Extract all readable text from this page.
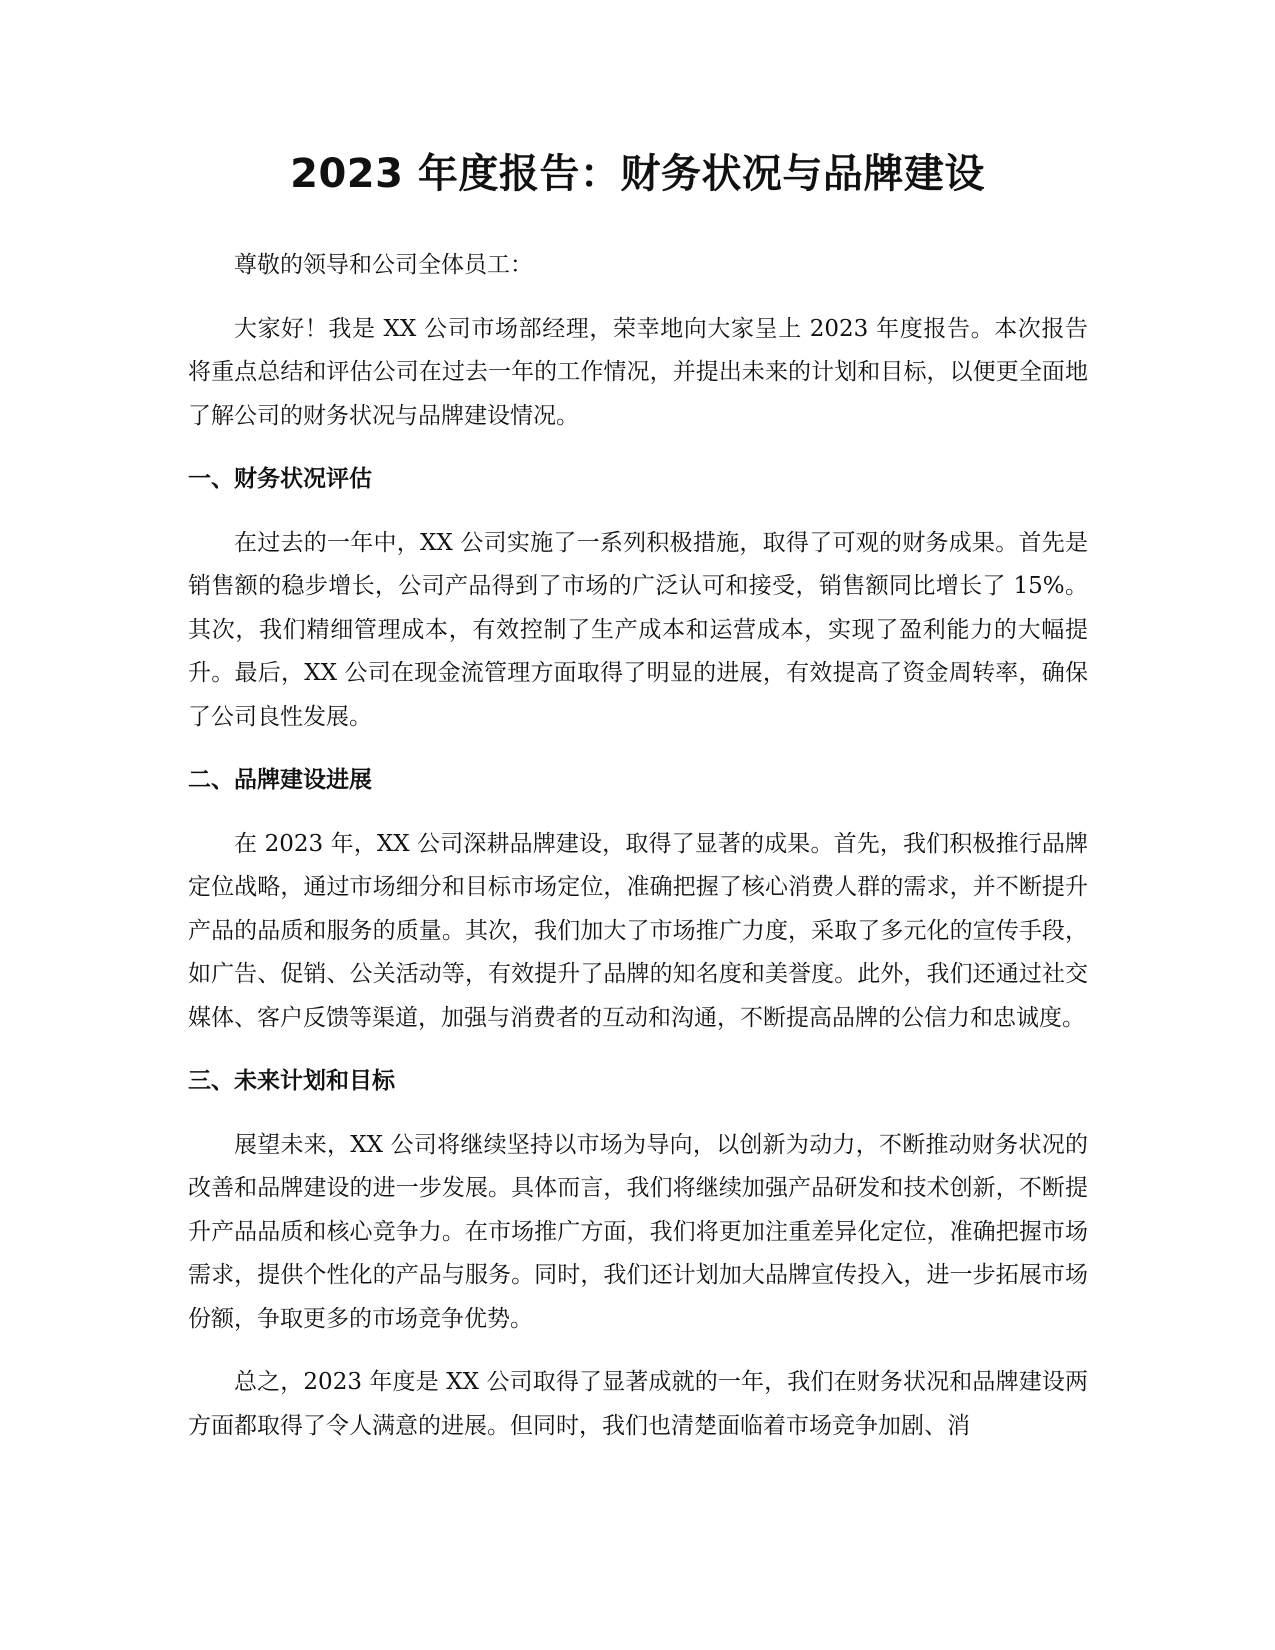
2023 年度报告：财务状况与品牌建设

尊敬的领导和公司全体员工：

大家好！我是 XX 公司市场部经理，荣幸地向大家呈上 2023 年度报告。本次报告将重点总结和评估公司在过去一年的工作情况，并提出未来的计划和目标，以便更全面地了解公司的财务状况与品牌建设情况。

一、财务状况评估

在过去的一年中，XX 公司实施了一系列积极措施，取得了可观的财务成果。首先是销售额的稳步增长，公司产品得到了市场的广泛认可和接受，销售额同比增长了 15%。其次，我们精细管理成本，有效控制了生产成本和运营成本，实现了盈利能力的大幅提升。最后，XX 公司在现金流管理方面取得了明显的进展，有效提高了资金周转率，确保了公司良性发展。

二、品牌建设进展

在 2023 年，XX 公司深耕品牌建设，取得了显著的成果。首先，我们积极推行品牌定位战略，通过市场细分和目标市场定位，准确把握了核心消费人群的需求，并不断提升产品的品质和服务的质量。其次，我们加大了市场推广力度，采取了多元化的宣传手段，如广告、促销、公关活动等，有效提升了品牌的知名度和美誉度。此外，我们还通过社交媒体、客户反馈等渠道，加强与消费者的互动和沟通，不断提高品牌的公信力和忠诚度。

三、未来计划和目标

展望未来，XX 公司将继续坚持以市场为导向，以创新为动力，不断推动财务状况的改善和品牌建设的进一步发展。具体而言，我们将继续加强产品研发和技术创新，不断提升产品品质和核心竞争力。在市场推广方面，我们将更加注重差异化定位，准确把握市场需求，提供个性化的产品与服务。同时，我们还计划加大品牌宣传投入，进一步拓展市场份额，争取更多的市场竞争优势。

总之，2023 年度是 XX 公司取得了显著成就的一年，我们在财务状况和品牌建设两方面都取得了令人满意的进展。但同时，我们也清楚面临着市场竞争加剧、消
